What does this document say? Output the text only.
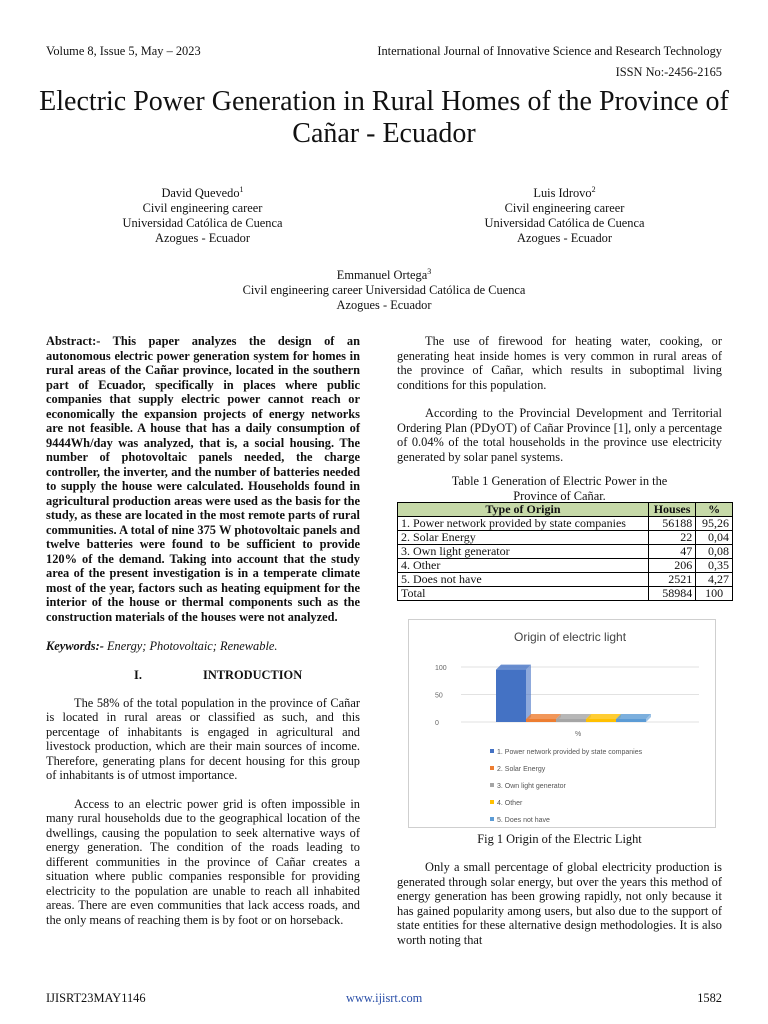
Volume 8, Issue 5, May – 2023	International Journal of Innovative Science and Research Technology
ISSN No:-2456-2165
Electric Power Generation in Rural Homes of the Province of Cañar - Ecuador
David Quevedo$^1$
Civil engineering career
Universidad Católica de Cuenca
Azogues - Ecuador
Luis Idrovo$^2$
Civil engineering career
Universidad Católica de Cuenca
Azogues - Ecuador
Emmanuel Ortega$^3$
Civil engineering career Universidad Católica de Cuenca
Azogues - Ecuador

Abstract:- This paper analyzes the design of an autonomous electric power generation system for homes in rural areas of the Cañar province, located in the southern part of Ecuador, specifically in places where public companies that supply electric power cannot reach or economically the expansion projects of energy networks are not feasible. A house that has a daily consumption of 9444Wh/day was analyzed, that is, a social housing. The number of photovoltaic panels needed, the charge controller, the inverter, and the number of batteries needed to supply the house were calculated. Households found in agricultural production areas were used as the basis for the study, as these are located in the most remote parts of rural communities. A total of nine 375 W photovoltaic panels and twelve batteries were found to be sufficient to provide 120% of the demand. Taking into account that the study area of the present investigation is in a temperate climate most of the year, factors such as heating equipment for the interior of the house or thermal components such as the construction materials of the houses were not analyzed.

Keywords:- Energy; Photovoltaic; Renewable.

I.	INTRODUCTION

The 58% of the total population in the province of Cañar is located in rural areas or classified as such, and this percentage of inhabitants is engaged in agricultural and livestock production, which are their main sources of income. Therefore, generating plans for decent housing for this group of inhabitants is of utmost importance.

Access to an electric power grid is often impossible in many rural households due to the geographical location of the dwellings, causing the population to seek alternative ways of energy generation. The condition of the roads leading to different communities in the province of Cañar creates a situation where public companies responsible for providing electricity to the population are unable to reach all inhabited areas. There are even communities that lack access roads, and the only means of reaching them is by foot or on horseback.

The use of firewood for heating water, cooking, or generating heat inside homes is very common in rural areas of the province of Cañar, which results in suboptimal living conditions for this population.

According to the Provincial Development and Territorial Ordering Plan (PDyOT) of Cañar Province [1], only a percentage of 0.04% of the total households in the province use electricity generated by solar panel systems.

Table 1 Generation of Electric Power in the
Province of Cañar.
Type of Origin	Houses	%
1. Power network provided by state companies	56188	95,26
2. Solar Energy	22	0,04
3. Own light generator	47	0,08
4. Other	206	0,35
5. Does not have	2521	4,27
Total	58984	100
Origin of electric light
100
50
0
%
1. Power network provided by state companies
2. Solar Energy
3. Own light generator
4. Other
5. Does not have
Fig 1 Origin of the Electric Light

Only a small percentage of global electricity production is generated through solar energy, but over the years this method of energy generation has been growing rapidly, not only because it has gained popularity among users, but also due to the support of state entities for these alternative design methodologies. It is also worth noting that

IJISRT23MAY1146	www.ijisrt.com	1582
